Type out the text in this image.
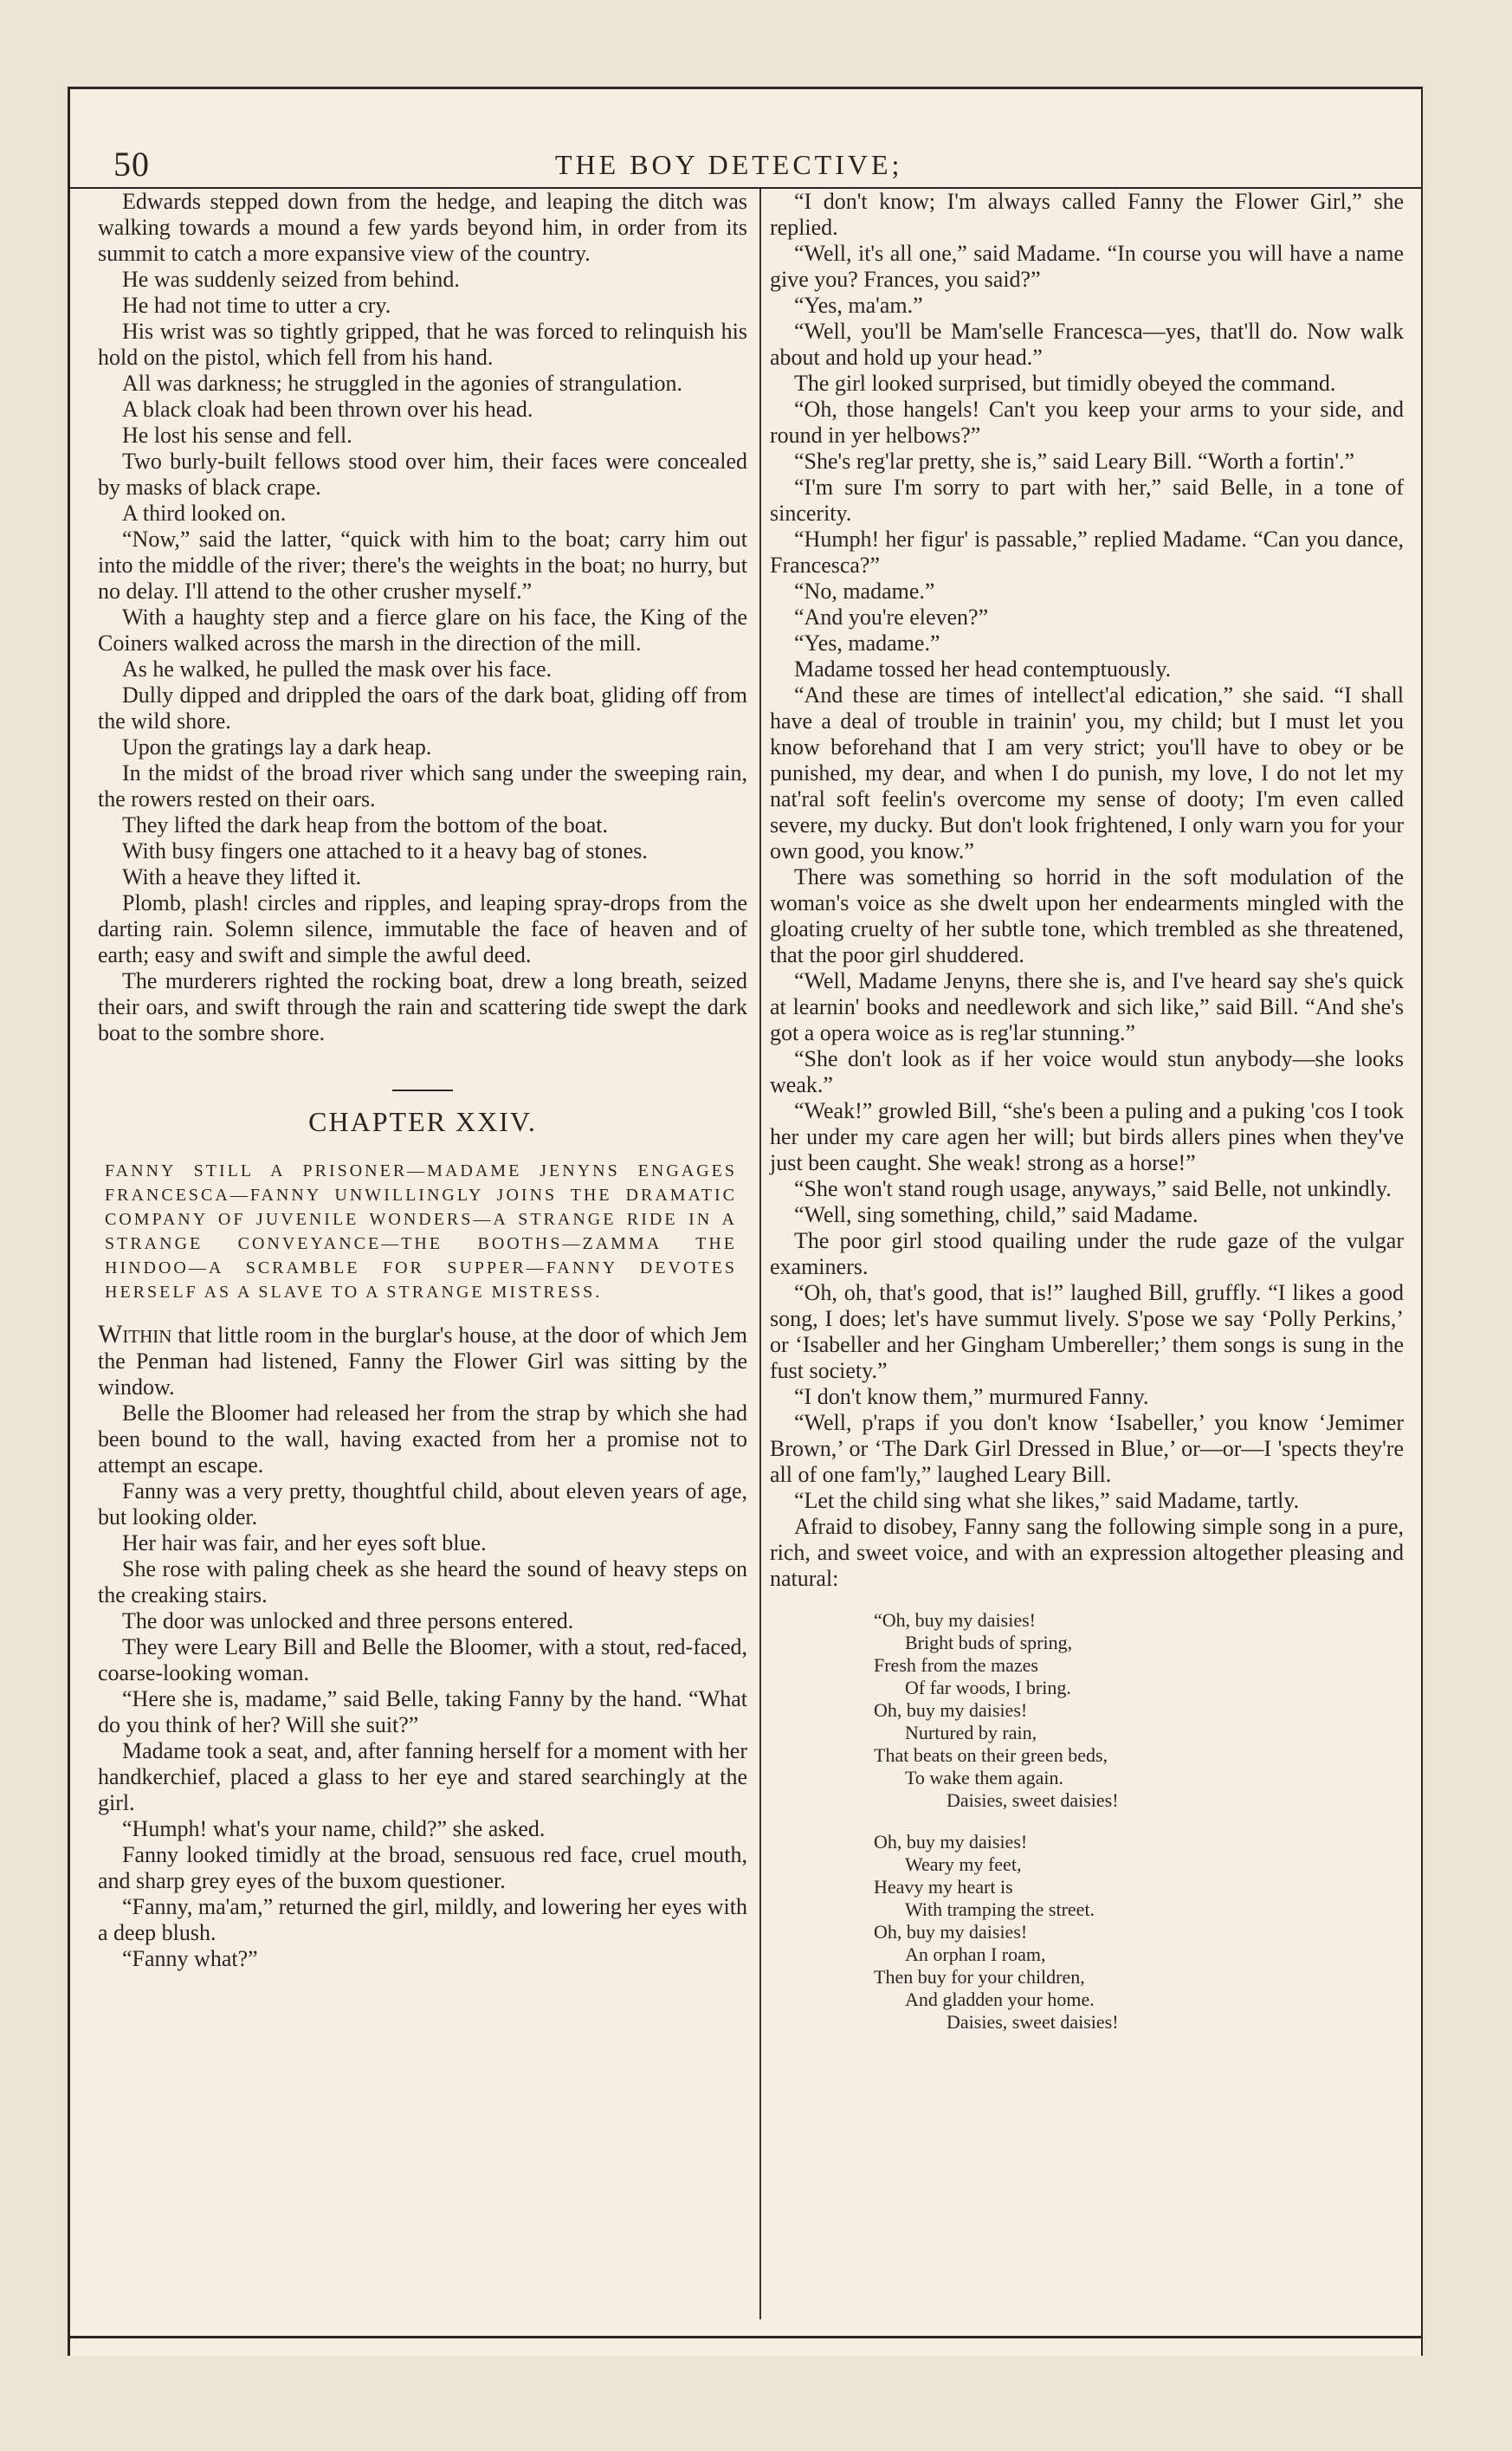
50	THE BOY DETECTIVE;

Edwards stepped down from the hedge, and leaping the ditch was walking towards a mound a few yards beyond him, in order from its summit to catch a more expansive view of the country.

He was suddenly seized from behind.

He had not time to utter a cry.

His wrist was so tightly gripped, that he was forced to relinquish his hold on the pistol, which fell from his hand.

All was darkness; he struggled in the agonies of strangulation.

A black cloak had been thrown over his head.

He lost his sense and fell.

Two burly-built fellows stood over him, their faces were concealed by masks of black crape.

A third looked on.

“Now,” said the latter, “quick with him to the boat; carry him out into the middle of the river; there's the weights in the boat; no hurry, but no delay. I'll attend to the other crusher myself.”

With a haughty step and a fierce glare on his face, the King of the Coiners walked across the marsh in the direction of the mill.

As he walked, he pulled the mask over his face.

Dully dipped and drippled the oars of the dark boat, gliding off from the wild shore.

Upon the gratings lay a dark heap.

In the midst of the broad river which sang under the sweeping rain, the rowers rested on their oars.

They lifted the dark heap from the bottom of the boat.

With busy fingers one attached to it a heavy bag of stones.

With a heave they lifted it.

Plomb, plash! circles and ripples, and leaping spray-drops from the darting rain. Solemn silence, immutable the face of heaven and of earth; easy and swift and simple the awful deed.

The murderers righted the rocking boat, drew a long breath, seized their oars, and swift through the rain and scattering tide swept the dark boat to the sombre shore.

CHAPTER XXIV.

FANNY STILL A PRISONER—MADAME JENYNS ENGAGES FRANCESCA—FANNY UNWILLINGLY JOINS THE DRAMATIC COMPANY OF JUVENILE WONDERS—A STRANGE RIDE IN A STRANGE CONVEYANCE—THE BOOTHS—ZAMMA THE HINDOO—A SCRAMBLE FOR SUPPER—FANNY DEVOTES HERSELF AS A SLAVE TO A STRANGE MISTRESS.

Within that little room in the burglar's house, at the door of which Jem the Penman had listened, Fanny the Flower Girl was sitting by the window.

Belle the Bloomer had released her from the strap by which she had been bound to the wall, having exacted from her a promise not to attempt an escape.

Fanny was a very pretty, thoughtful child, about eleven years of age, but looking older.

Her hair was fair, and her eyes soft blue.

She rose with paling cheek as she heard the sound of heavy steps on the creaking stairs.

The door was unlocked and three persons entered.

They were Leary Bill and Belle the Bloomer, with a stout, red-faced, coarse-looking woman.

“Here she is, madame,” said Belle, taking Fanny by the hand. “What do you think of her? Will she suit?”

Madame took a seat, and, after fanning herself for a moment with her handkerchief, placed a glass to her eye and stared searchingly at the girl.

“Humph! what's your name, child?” she asked.

Fanny looked timidly at the broad, sensuous red face, cruel mouth, and sharp grey eyes of the buxom questioner.

“Fanny, ma'am,” returned the girl, mildly, and lowering her eyes with a deep blush.

“Fanny what?”

“I don't know; I'm always called Fanny the Flower Girl,” she replied.

“Well, it's all one,” said Madame. “In course you will have a name give you? Frances, you said?”

“Yes, ma'am.”

“Well, you'll be Mam'selle Francesca—yes, that'll do. Now walk about and hold up your head.”

The girl looked surprised, but timidly obeyed the command.

“Oh, those hangels! Can't you keep your arms to your side, and round in yer helbows?”

“She's reg'lar pretty, she is,” said Leary Bill. “Worth a fortin'.”

“I'm sure I'm sorry to part with her,” said Belle, in a tone of sincerity.

“Humph! her figur' is passable,” replied Madame. “Can you dance, Francesca?”

“No, madame.”

“And you're eleven?”

“Yes, madame.”

Madame tossed her head contemptuously.

“And these are times of intellect'al edication,” she said. “I shall have a deal of trouble in trainin' you, my child; but I must let you know beforehand that I am very strict; you'll have to obey or be punished, my dear, and when I do punish, my love, I do not let my nat'ral soft feelin's overcome my sense of dooty; I'm even called severe, my ducky. But don't look frightened, I only warn you for your own good, you know.”

There was something so horrid in the soft modulation of the woman's voice as she dwelt upon her endearments mingled with the gloating cruelty of her subtle tone, which trembled as she threatened, that the poor girl shuddered.

“Well, Madame Jenyns, there she is, and I've heard say she's quick at learnin' books and needlework and sich like,” said Bill. “And she's got a opera woice as is reg'lar stunning.”

“She don't look as if her voice would stun anybody—she looks weak.”

“Weak!” growled Bill, “she's been a puling and a puking 'cos I took her under my care agen her will; but birds allers pines when they've just been caught. She weak! strong as a horse!”

“She won't stand rough usage, anyways,” said Belle, not unkindly.

“Well, sing something, child,” said Madame.

The poor girl stood quailing under the rude gaze of the vulgar examiners.

“Oh, oh, that's good, that is!” laughed Bill, gruffly. “I likes a good song, I does; let's have summut lively. S'pose we say ‘Polly Perkins,’ or ‘Isabeller and her Gingham Umbereller;’ them songs is sung in the fust society.”

“I don't know them,” murmured Fanny.

“Well, p'raps if you don't know ‘Isabeller,’ you know ‘Jemimer Brown,’ or ‘The Dark Girl Dressed in Blue,’ or—or—I 'spects they're all of one fam'ly,” laughed Leary Bill.

“Let the child sing what she likes,” said Madame, tartly.

Afraid to disobey, Fanny sang the following simple song in a pure, rich, and sweet voice, and with an expression altogether pleasing and natural:

“Oh, buy my daisies!

Bright buds of spring,

Fresh from the mazes

Of far woods, I bring.

Oh, buy my daisies!

Nurtured by rain,

That beats on their green beds,

To wake them again.

Daisies, sweet daisies!

Oh, buy my daisies!

Weary my feet,

Heavy my heart is

With tramping the street.

Oh, buy my daisies!

An orphan I roam,

Then buy for your children,

And gladden your home.

Daisies, sweet daisies!
